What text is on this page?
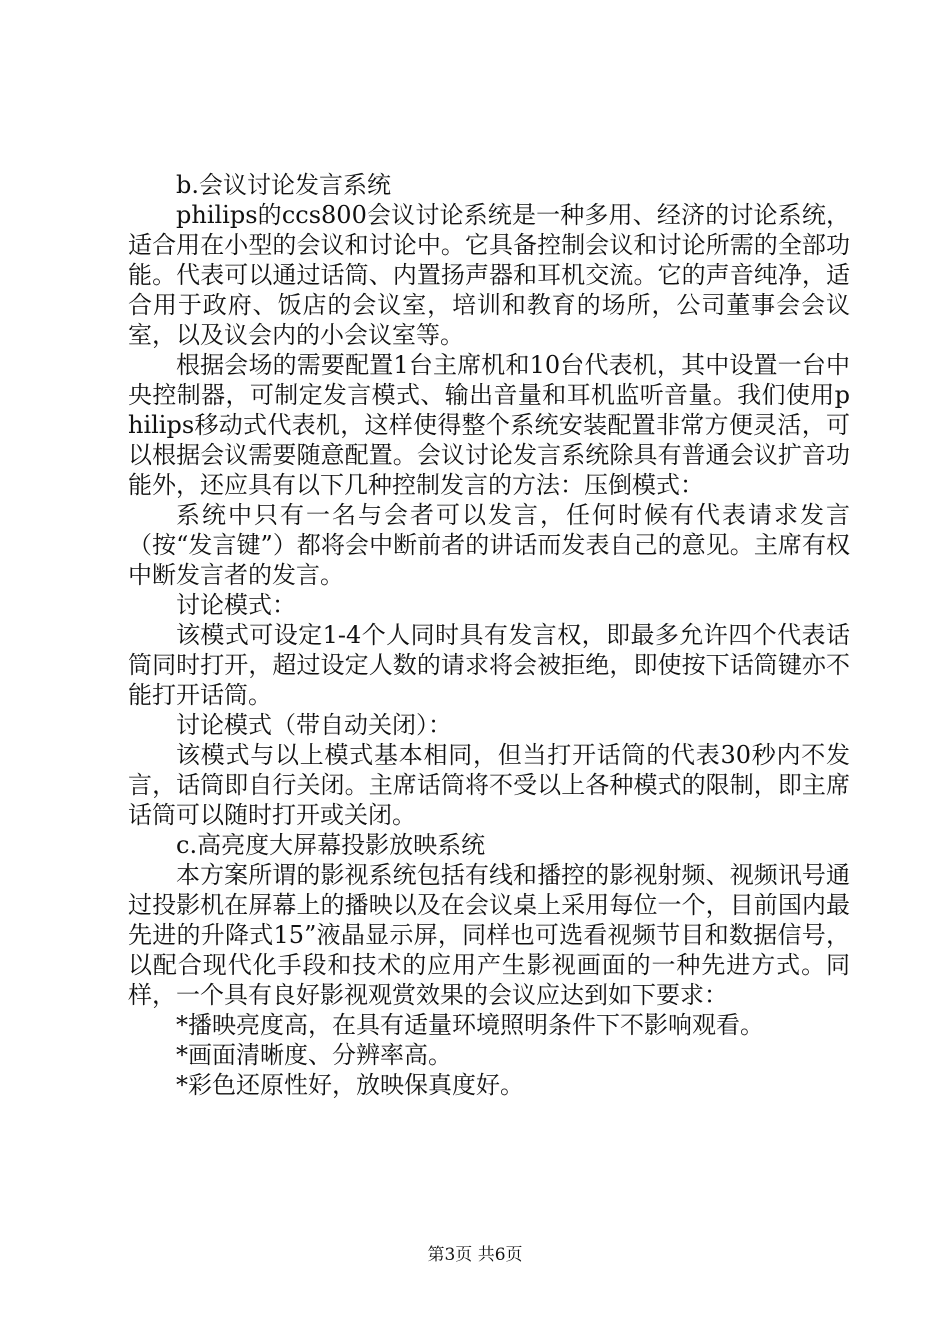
b.会议讨论发言系统

philips的ccs800会议讨论系统是一种多用、经济的讨论系统，适合用在小型的会议和讨论中。它具备控制会议和讨论所需的全部功能。代表可以通过话筒、内置扬声器和耳机交流。它的声音纯净，适合用于政府、饭店的会议室，培训和教育的场所，公司董事会会议室，以及议会内的小会议室等。

根据会场的需要配置1台主席机和10台代表机，其中设置一台中央控制器，可制定发言模式、输出音量和耳机监听音量。我们使用philips移动式代表机，这样使得整个系统安装配置非常方便灵活，可以根据会议需要随意配置。会议讨论发言系统除具有普通会议扩音功能外，还应具有以下几种控制发言的方法：压倒模式：

系统中只有一名与会者可以发言，任何时候有代表请求发言（按“发言键”）都将会中断前者的讲话而发表自己的意见。主席有权中断发言者的发言。

讨论模式：

该模式可设定1-4个人同时具有发言权，即最多允许四个代表话筒同时打开，超过设定人数的请求将会被拒绝，即使按下话筒键亦不能打开话筒。

讨论模式（带自动关闭）：

该模式与以上模式基本相同，但当打开话筒的代表30秒内不发言，话筒即自行关闭。主席话筒将不受以上各种模式的限制，即主席话筒可以随时打开或关闭。

c.高亮度大屏幕投影放映系统

本方案所谓的影视系统包括有线和播控的影视射频、视频讯号通过投影机在屏幕上的播映以及在会议桌上采用每位一个，目前国内最先进的升降式15”液晶显示屏，同样也可选看视频节目和数据信号，以配合现代化手段和技术的应用产生影视画面的一种先进方式。同样，一个具有良好影视观赏效果的会议应达到如下要求：

*播映亮度高，在具有适量环境照明条件下不影响观看。

*画面清晰度、分辨率高。

*彩色还原性好，放映保真度好。

第3页 共6页
